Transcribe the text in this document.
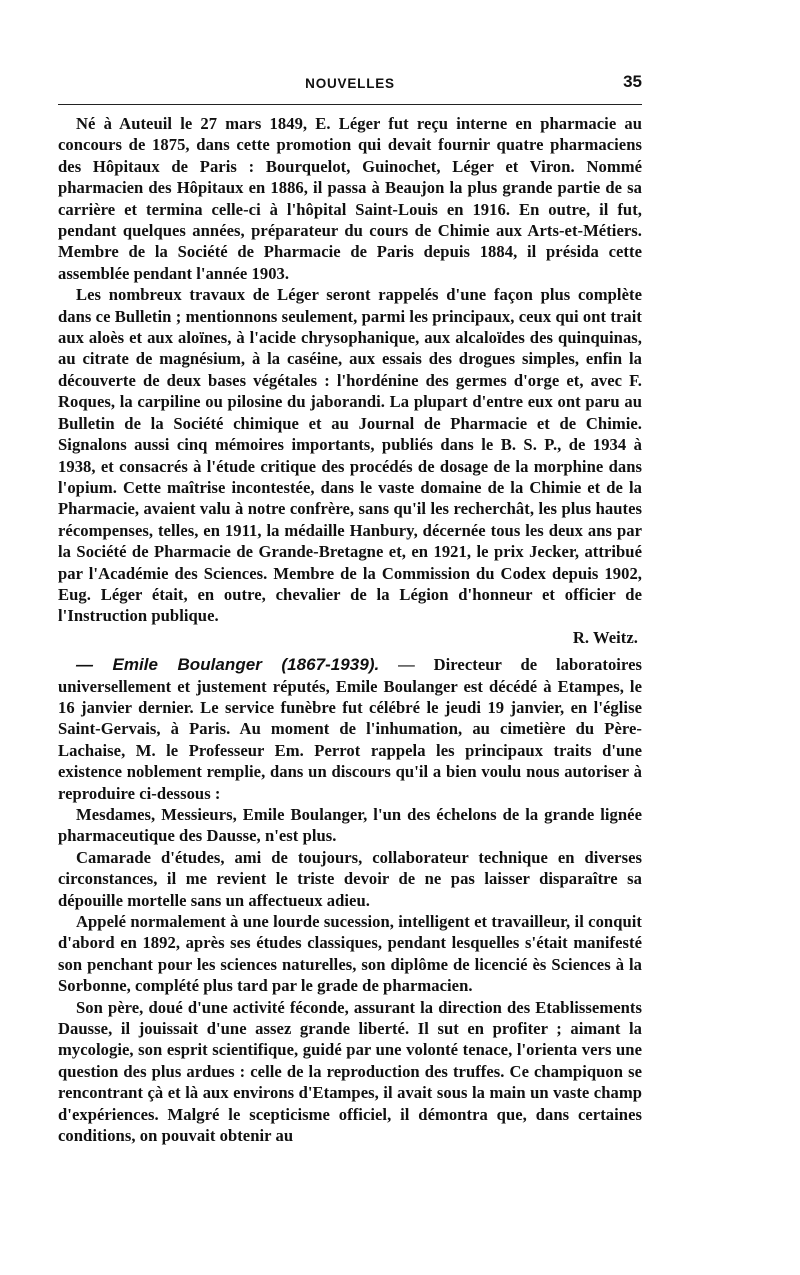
NOUVELLES	35

Né à Auteuil le 27 mars 1849, E. Léger fut reçu interne en pharmacie au concours de 1875, dans cette promotion qui devait fournir quatre pharmaciens des Hôpitaux de Paris : Bourquelot, Guinochet, Léger et Viron. Nommé pharmacien des Hôpitaux en 1886, il passa à Beaujon la plus grande partie de sa carrière et termina celle-ci à l'hôpital Saint-Louis en 1916. En outre, il fut, pendant quelques années, préparateur du cours de Chimie aux Arts-et-Métiers. Membre de la Société de Pharmacie de Paris depuis 1884, il présida cette assemblée pendant l'année 1903.

Les nombreux travaux de Léger seront rappelés d'une façon plus complète dans ce Bulletin ; mentionnons seulement, parmi les principaux, ceux qui ont trait aux aloès et aux aloïnes, à l'acide chrysophanique, aux alcaloïdes des quinquinas, au citrate de magnésium, à la caséine, aux essais des drogues simples, enfin la découverte de deux bases végétales : l'hordénine des germes d'orge et, avec F. Roques, la carpiline ou pilosine du jaborandi. La plupart d'entre eux ont paru au Bulletin de la Société chimique et au Journal de Pharmacie et de Chimie. Signalons aussi cinq mémoires importants, publiés dans le B. S. P., de 1934 à 1938, et consacrés à l'étude critique des procédés de dosage de la morphine dans l'opium. Cette maîtrise incontestée, dans le vaste domaine de la Chimie et de la Pharmacie, avaient valu à notre confrère, sans qu'il les recherchât, les plus hautes récompenses, telles, en 1911, la médaille Hanbury, décernée tous les deux ans par la Société de Pharmacie de Grande-Bretagne et, en 1921, le prix Jecker, attribué par l'Académie des Sciences. Membre de la Commission du Codex depuis 1902, Eug. Léger était, en outre, chevalier de la Légion d'honneur et officier de l'Instruction publique.

R. Weitz.

— Emile Boulanger (1867-1939). — Directeur de laboratoires universellement et justement réputés, Emile Boulanger est décédé à Etampes, le 16 janvier dernier. Le service funèbre fut célébré le jeudi 19 janvier, en l'église Saint-Gervais, à Paris. Au moment de l'inhumation, au cimetière du Père-Lachaise, M. le Professeur Em. Perrot rappela les principaux traits d'une existence noblement remplie, dans un discours qu'il a bien voulu nous autoriser à reproduire ci-dessous :

Mesdames, Messieurs, Emile Boulanger, l'un des échelons de la grande lignée pharmaceutique des Dausse, n'est plus.

Camarade d'études, ami de toujours, collaborateur technique en diverses circonstances, il me revient le triste devoir de ne pas laisser disparaître sa dépouille mortelle sans un affectueux adieu.

Appelé normalement à une lourde sucession, intelligent et travailleur, il conquit d'abord en 1892, après ses études classiques, pendant lesquelles s'était manifesté son penchant pour les sciences naturelles, son diplôme de licencié ès Sciences à la Sorbonne, complété plus tard par le grade de pharmacien.

Son père, doué d'une activité féconde, assurant la direction des Etablissements Dausse, il jouissait d'une assez grande liberté. Il sut en profiter ; aimant la mycologie, son esprit scientifique, guidé par une volonté tenace, l'orienta vers une question des plus ardues : celle de la reproduction des truffes. Ce champiquon se rencontrant çà et là aux environs d'Etampes, il avait sous la main un vaste champ d'expériences. Malgré le scepticisme officiel, il démontra que, dans certaines conditions, on pouvait obtenir au
